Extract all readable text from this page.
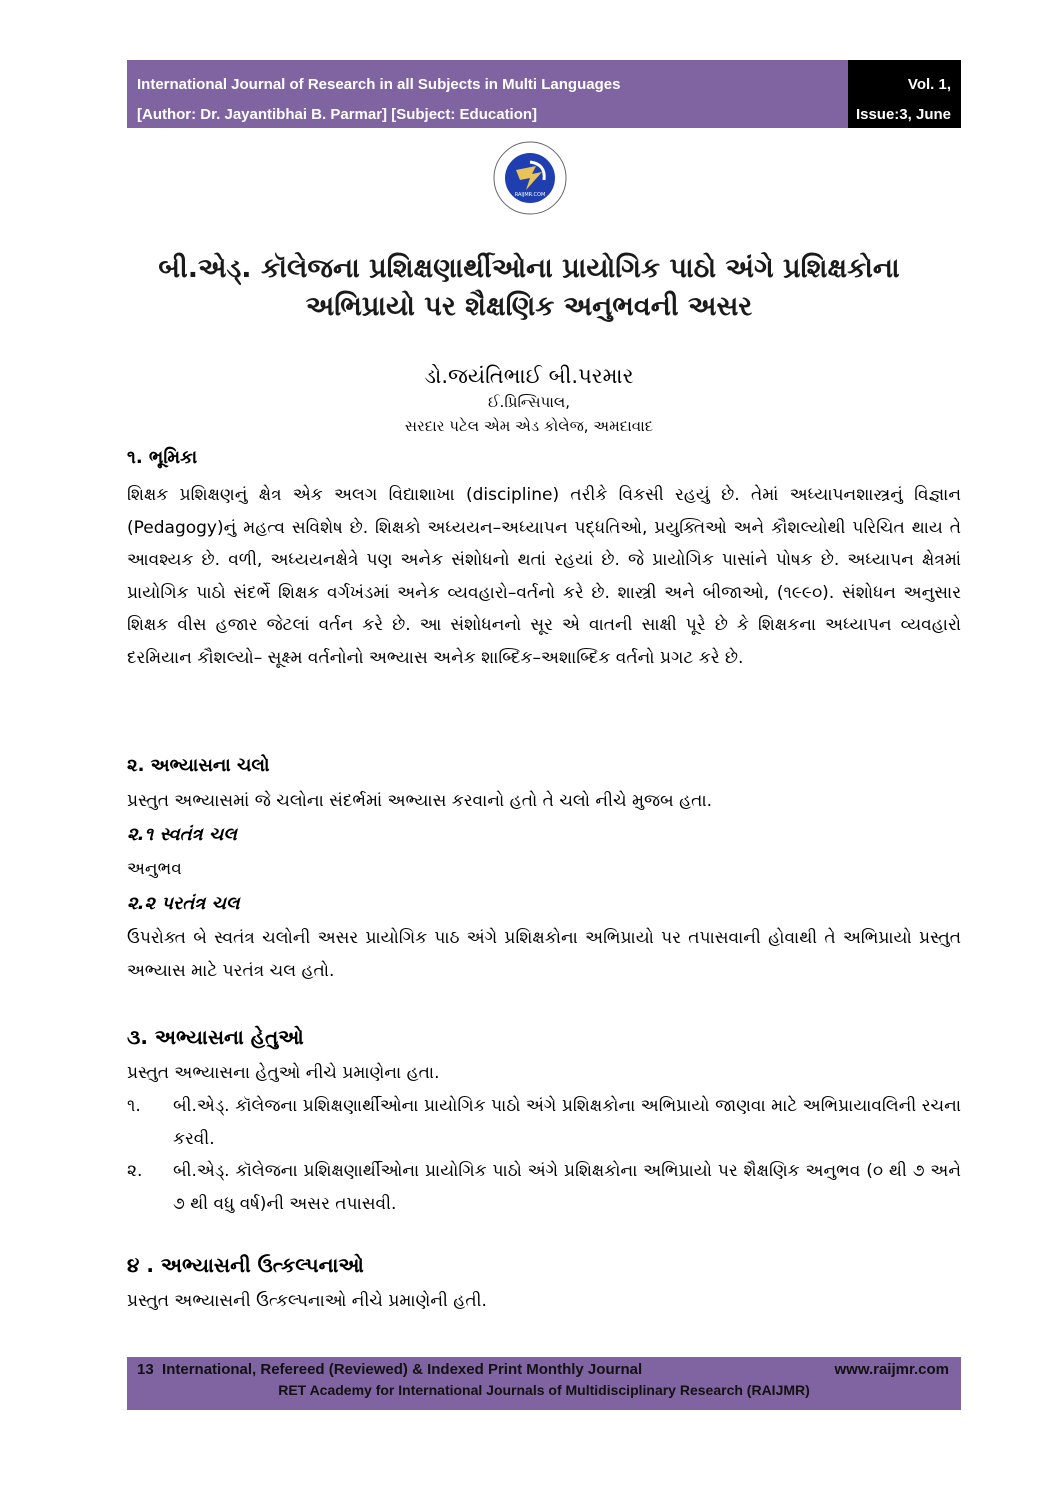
International Journal of Research in all Subjects in Multi Languages
[Author: Dr. Jayantibhai B. Parmar] [Subject: Education]
Vol. 1, Issue:3, June 2013
(IJRSML) ISSN: 2321 - 2853
RAIJMR.COM
બી.એડ્. કૉલેજના પ્રશિક્ષણાર્થીઓના પ્રાયોગિક પાઠો અંગે પ્રશિક્ષકોના
અભિપ્રાયો પર શૈક્ષણિક અનુભવની અસર
ડો.જયંતિભાઈ બી.પરમાર
ઈ.પ્રિન્સિપાલ,
સરદાર પટેલ એમ એડ કોલેજ, અમદાવાદ
૧. ભૂમિકા
શિક્ષક પ્રશિક્ષણનું ક્ષેત્ર એક અલગ વિદ્યાશાખા (discipline) તરીકે વિકસી રહયું છે. તેમાં અધ્યાપનશાસ્ત્રનું વિજ્ઞાન (Pedagogy)નું મહત્વ સવિશેષ છે. શિક્ષકો અધ્યયન–અધ્યાપન પદ્ધતિઓ, પ્રયુક્તિઓ અને કૌશલ્યોથી પરિચિત થાય તે આવશ્યક છે. વળી, અધ્યયનક્ષેત્રે પણ અનેક સંશોધનો થતાં રહયાં છે. જે પ્રાયોગિક પાસાંને પોષક છે. અધ્યાપન ક્ષેત્રમાં પ્રાયોગિક પાઠો સંદર્ભે શિક્ષક વર્ગખંડમાં અનેક વ્યવહારો–વર્તનો કરે છે. શાસ્ત્રી અને બીજાઓ, (૧૯૯૦). સંશોધન અનુસાર શિક્ષક વીસ હજાર જેટલાં વર્તન કરે છે. આ સંશોધનનો સૂર એ વાતની સાક્ષી પૂરે છે કે શિક્ષકના અધ્યાપન વ્યવહારો દરમિયાન કૌશલ્યો– સૂક્ષ્મ વર્તનોનો અભ્યાસ અનેક શાબ્દિક–અશાબ્દિક વર્તનો પ્રગટ કરે છે.
૨. અભ્યાસના ચલો
પ્રસ્તુત અભ્યાસમાં જે ચલોના સંદર્ભમાં અભ્યાસ કરવાનો હતો તે ચલો નીચે મુજબ હતા.
૨.૧ સ્વતંત્ર ચલ
અનુભવ
૨.૨ પરતંત્ર ચલ
ઉપરોક્ત બે સ્વતંત્ર ચલોની અસર પ્રાયોગિક પાઠ અંગે પ્રશિક્ષકોના અભિપ્રાયો પર તપાસવાની હોવાથી તે અભિપ્રાયો પ્રસ્તુત અભ્યાસ માટે પરતંત્ર ચલ હતો.
૩. અભ્યાસના હેતુઓ
પ્રસ્તુત અભ્યાસના હેતુઓ નીચે પ્રમાણેના હતા.
૧.	બી.એડ્. કૉલેજના પ્રશિક્ષણાર્થીઓના પ્રાયોગિક પાઠો અંગે પ્રશિક્ષકોના અભિપ્રાયો જાણવા માટે અભિપ્રાયાવલિની રચના કરવી.
૨.	બી.એડ્. કૉલેજના પ્રશિક્ષણાર્થીઓના પ્રાયોગિક પાઠો અંગે પ્રશિક્ષકોના અભિપ્રાયો પર શૈક્ષણિક અનુભવ (૦ થી ૭ અને ૭ થી વધુ વર્ષ)ની અસર તપાસવી.
૪ . અભ્યાસની ઉત્કલ્પનાઓ
પ્રસ્તુત અભ્યાસની ઉત્કલ્પનાઓ નીચે પ્રમાણેની હતી.
13 International, Refereed (Reviewed) & Indexed Print Monthly Journal	www.raijmr.com
RET Academy for International Journals of Multidisciplinary Research (RAIJMR)
